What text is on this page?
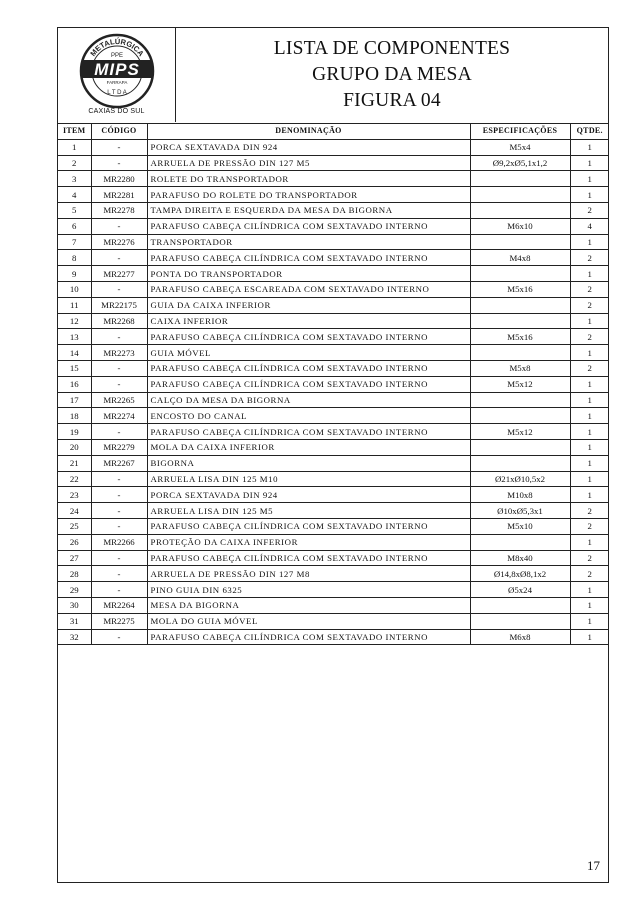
METALÚRGICA
PPE
MIPS
FARRAPA
L T D A
CAXIAS DO SUL
LISTA DE COMPONENTES
GRUPO DA MESA
FIGURA 04
ITEM	CÓDIGO	DENOMINAÇÃO	ESPECIFICAÇÕES	QTDE.
1	-	PORCA SEXTAVADA DIN 924	M5x4	1
2	-	ARRUELA DE PRESSÃO DIN 127 M5	Ø9,2xØ5,1x1,2	1
3	MR2280	ROLETE DO TRANSPORTADOR		1
4	MR2281	PARAFUSO DO ROLETE DO TRANSPORTADOR		1
5	MR2278	TAMPA DIREITA E ESQUERDA DA MESA DA BIGORNA		2
6	-	PARAFUSO CABEÇA CILÍNDRICA COM SEXTAVADO INTERNO	M6x10	4
7	MR2276	TRANSPORTADOR		1
8	-	PARAFUSO CABEÇA CILÍNDRICA COM SEXTAVADO INTERNO	M4x8	2
9	MR2277	PONTA DO TRANSPORTADOR		1
10	-	PARAFUSO CABEÇA ESCAREADA COM SEXTAVADO INTERNO	M5x16	2
11	MR22175	GUIA DA CAIXA INFERIOR		2
12	MR2268	CAIXA INFERIOR		1
13	-	PARAFUSO CABEÇA CILÍNDRICA COM SEXTAVADO INTERNO	M5x16	2
14	MR2273	GUIA MÓVEL		1
15	-	PARAFUSO CABEÇA CILÍNDRICA COM SEXTAVADO INTERNO	M5x8	2
16	-	PARAFUSO CABEÇA CILÍNDRICA COM SEXTAVADO INTERNO	M5x12	1
17	MR2265	CALÇO DA MESA DA BIGORNA		1
18	MR2274	ENCOSTO DO CANAL		1
19	-	PARAFUSO CABEÇA CILÍNDRICA COM SEXTAVADO INTERNO	M5x12	1
20	MR2279	MOLA DA CAIXA INFERIOR		1
21	MR2267	BIGORNA		1
22	-	ARRUELA LISA DIN 125 M10	Ø21xØ10,5x2	1
23	-	PORCA SEXTAVADA DIN 924	M10x8	1
24	-	ARRUELA LISA DIN 125 M5	Ø10xØ5,3x1	2
25	-	PARAFUSO CABEÇA CILÍNDRICA COM SEXTAVADO INTERNO	M5x10	2
26	MR2266	PROTEÇÃO DA CAIXA INFERIOR		1
27	-	PARAFUSO CABEÇA CILÍNDRICA COM SEXTAVADO INTERNO	M8x40	2
28	-	ARRUELA DE PRESSÃO DIN 127 M8	Ø14,8xØ8,1x2	2
29	-	PINO GUIA DIN 6325	Ø5x24	1
30	MR2264	MESA DA BIGORNA		1
31	MR2275	MOLA DO GUIA MÓVEL		1
32	-	PARAFUSO CABEÇA CILÍNDRICA COM SEXTAVADO INTERNO	M6x8	1
17
